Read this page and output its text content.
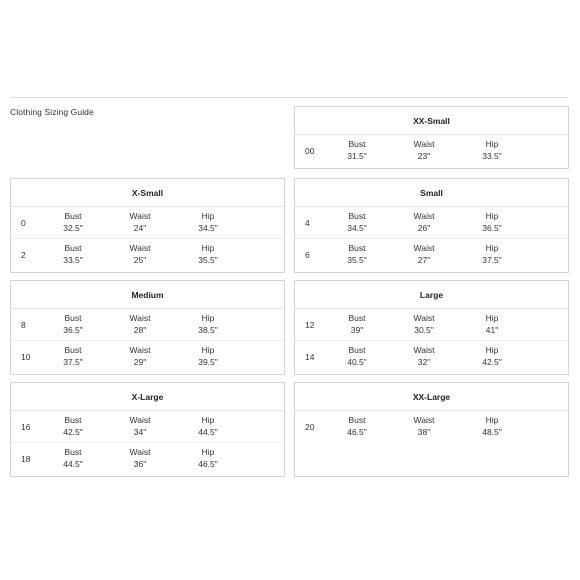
Clothing Sizing Guide
XX-Small
00
Bust
31.5"
Waist
23"
Hip
33.5"
X-Small
0
Bust
32.5"
Waist
24"
Hip
34.5"
2
Bust
33.5"
Waist
25"
Hip
35.5"
Small
4
Bust
34.5"
Waist
26"
Hip
36.5"
6
Bust
35.5"
Waist
27"
Hip
37.5"
Medium
8
Bust
36.5"
Waist
28"
Hip
38.5"
10
Bust
37.5"
Waist
29"
Hip
39.5"
Large
12
Bust
39"
Waist
30.5"
Hip
41"
14
Bust
40.5"
Waist
32"
Hip
42.5"
X-Large
16
Bust
42.5"
Waist
34"
Hip
44.5"
18
Bust
44.5"
Waist
36"
Hip
46.5"
XX-Large
20
Bust
46.5"
Waist
38"
Hip
48.5"
